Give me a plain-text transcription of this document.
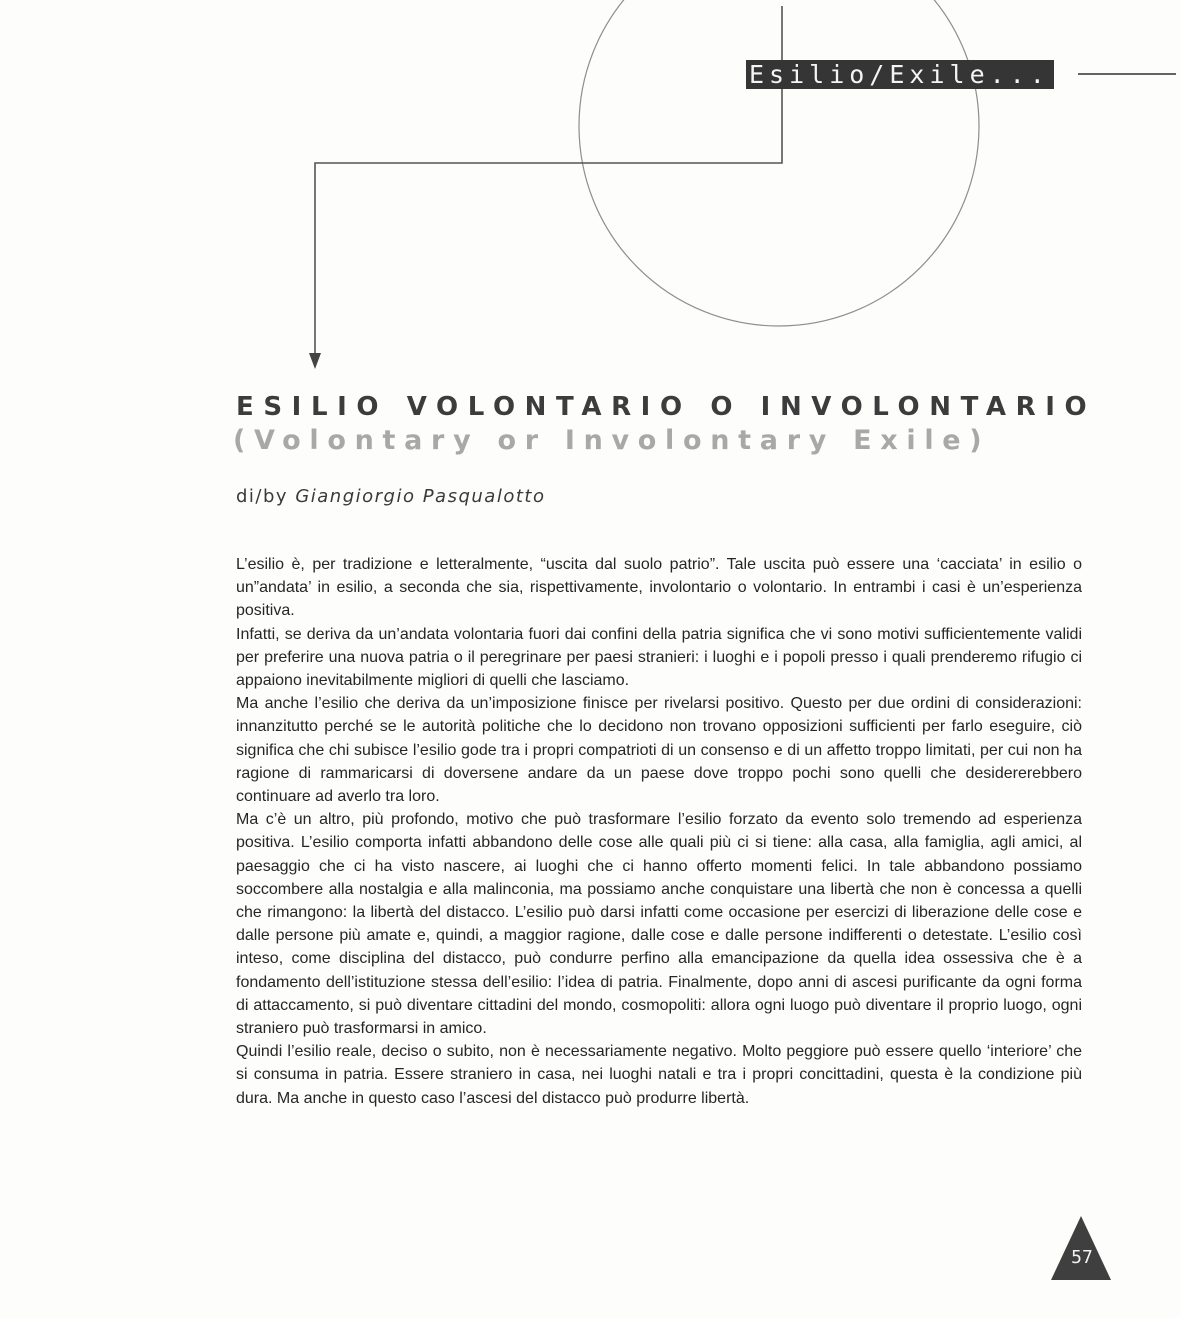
Esilio/Exile...
ESILIO VOLONTARIO O INVOLONTARIO
(Volontary or Involontary Exile)
di/by Giangiorgio Pasqualotto

L’esilio è, per tradizione e letteralmente, “uscita dal suolo patrio”. Tale uscita può essere una ‘cacciata’ in esilio o un”andata’ in esilio, a seconda che sia, rispettivamente, involontario o volontario. In entrambi i casi è un’esperienza positiva.

Infatti, se deriva da un’andata volontaria fuori dai confini della patria significa che vi sono motivi sufficientemente validi per preferire una nuova patria o il peregrinare per paesi stranieri: i luoghi e i popoli presso i quali prenderemo rifugio ci appaiono inevitabilmente migliori di quelli che lasciamo.

Ma anche l’esilio che deriva da un’imposizione finisce per rivelarsi positivo. Questo per due ordini di considerazioni: innanzitutto perché se le autorità politiche che lo decidono non trovano opposizioni sufficienti per farlo eseguire, ciò significa che chi subisce l’esilio gode tra i propri compatrioti di un consenso e di un affetto troppo limitati, per cui non ha ragione di rammaricarsi di doversene andare da un paese dove troppo pochi sono quelli che desidererebbero continuare ad averlo tra loro.

Ma c’è un altro, più profondo, motivo che può trasformare l’esilio forzato da evento solo tremendo ad esperienza positiva. L’esilio comporta infatti abbandono delle cose alle quali più ci si tiene: alla casa, alla famiglia, agli amici, al paesaggio che ci ha visto nascere, ai luoghi che ci hanno offerto momenti felici. In tale abbandono possiamo soccombere alla nostalgia e alla malinconia, ma possiamo anche conquistare una libertà che non è concessa a quelli che rimangono: la libertà del distacco. L’esilio può darsi infatti come occasione per esercizi di liberazione delle cose e dalle persone più amate e, quindi, a maggior ragione, dalle cose e dalle persone indifferenti o detestate. L’esilio così inteso, come disciplina del distacco, può condurre perfino alla emancipazione da quella idea ossessiva che è a fondamento dell’istituzione stessa dell’esilio: l’idea di patria. Finalmente, dopo anni di ascesi purificante da ogni forma di attaccamento, si può diventare cittadini del mondo, cosmopoliti: allora ogni luogo può diventare il proprio luogo, ogni straniero può trasformarsi in amico.

Quindi l’esilio reale, deciso o subito, non è necessariamente negativo. Molto peggiore può essere quello ‘interiore’ che si consuma in patria. Essere straniero in casa, nei luoghi natali e tra i propri concittadini, questa è la condizione più dura. Ma anche in questo caso l’ascesi del distacco può produrre libertà.

57
